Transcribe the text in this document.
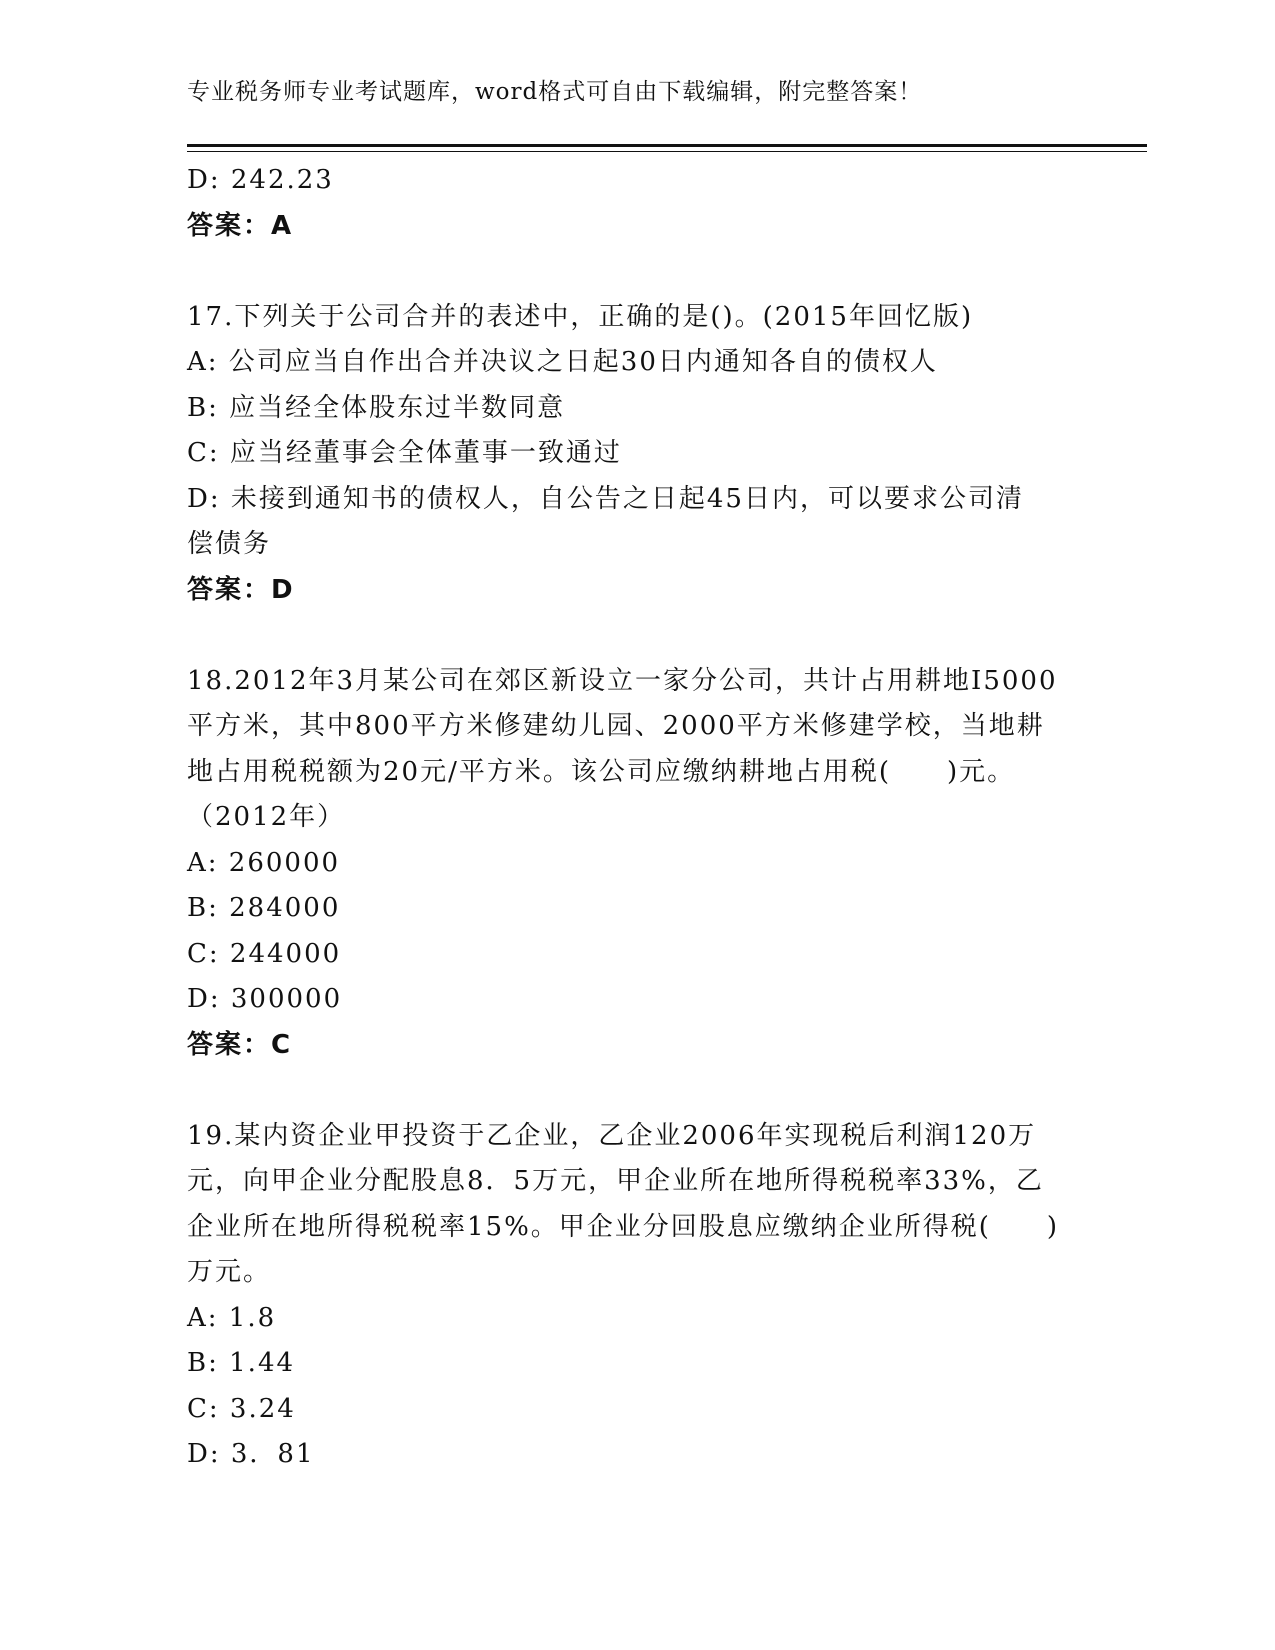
专业税务师专业考试题库，word格式可自由下载编辑，附完整答案！

D: 242.23

答案：A

17.下列关于公司合并的表述中，正确的是()。(2015年回忆版)

A: 公司应当自作出合并决议之日起30日内通知各自的债权人

B: 应当经全体股东过半数同意

C: 应当经董事会全体董事一致通过

D: 未接到通知书的债权人，自公告之日起45日内，可以要求公司清

偿债务

答案：D

18.2012年3月某公司在郊区新设立一家分公司，共计占用耕地I5000

平方米，其中800平方米修建幼儿园、2000平方米修建学校，当地耕

地占用税税额为20元/平方米。该公司应缴纳耕地占用税(　　)元。

（2012年）

A: 260000

B: 284000

C: 244000

D: 300000

答案：C

19.某内资企业甲投资于乙企业，乙企业2006年实现税后利润120万

元，向甲企业分配股息8．5万元，甲企业所在地所得税税率33%，乙

企业所在地所得税税率15%。甲企业分回股息应缴纳企业所得税(　　)

万元。

A: 1.8

B: 1.44

C: 3.24

D: 3．81
